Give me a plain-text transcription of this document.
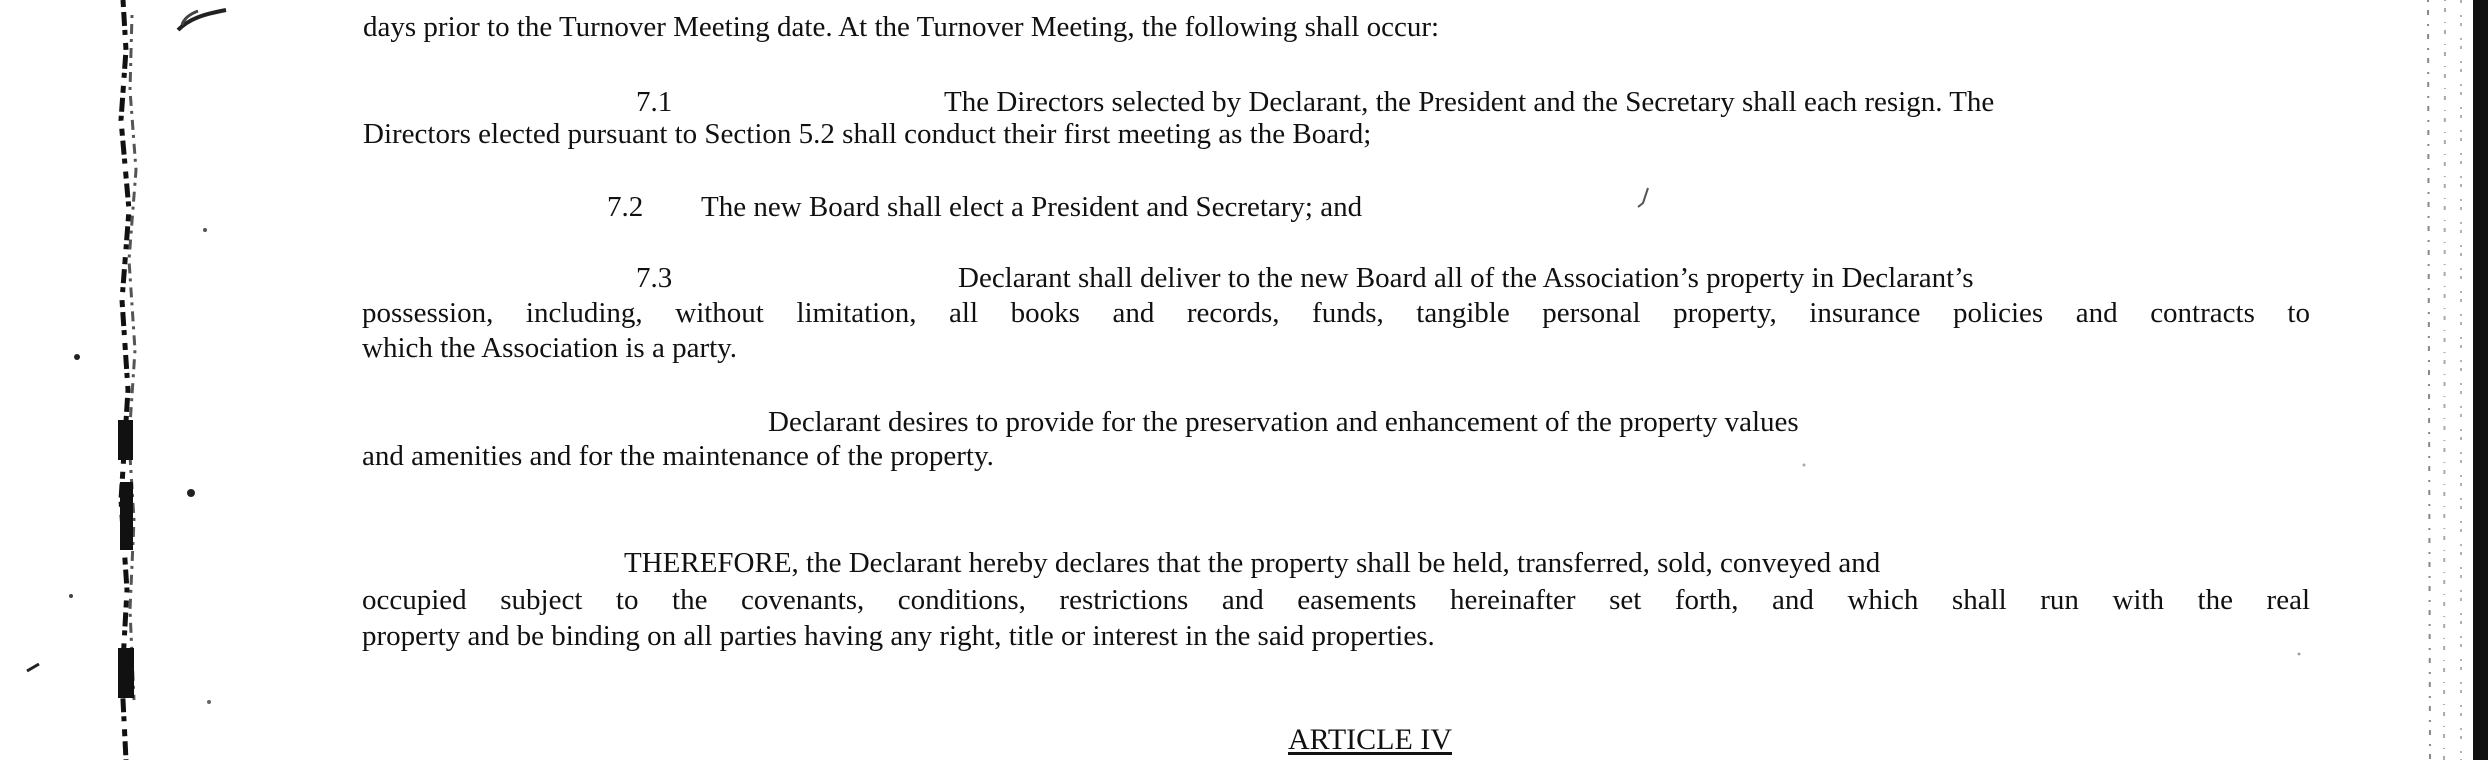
days prior to the Turnover Meeting date. At the Turnover Meeting, the following shall occur:
7.1	The Directors selected by Declarant, the President and the Secretary shall each resign. The
Directors elected pursuant to Section 5.2 shall conduct their first meeting as the Board;
7.2 The new Board shall elect a President and Secretary; and
7.3	Declarant shall deliver to the new Board all of the Association’s property in Declarant’s
possession, including, without limitation, all books and records, funds, tangible personal property, insurance policies and contracts to
which the Association is a party.
Declarant desires to provide for the preservation and enhancement of the property values
and amenities and for the maintenance of the property.
THEREFORE, the Declarant hereby declares that the property shall be held, transferred, sold, conveyed and
occupied subject to the covenants, conditions, restrictions and easements hereinafter set forth, and which shall run with the real
property and be binding on all parties having any right, title or interest in the said properties.
ARTICLE IV
